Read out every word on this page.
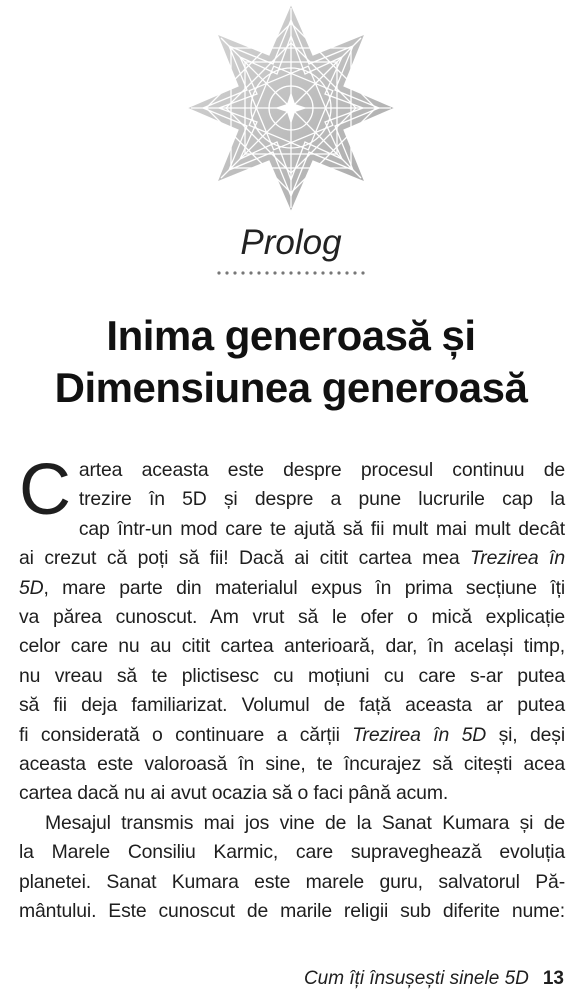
Prolog
Inima generoasă și
Dimensiunea generoasă

C artea aceasta este despre procesul continuu de
trezire în 5D și despre a pune lucrurile cap la
cap într-un mod care te ajută să fii mult mai mult decât
ai crezut că poți să fii! Dacă ai citit cartea mea Trezirea în
5D, mare parte din materialul expus în prima secțiune îți
va părea cunoscut. Am vrut să le ofer o mică explicație
celor care nu au citit cartea anterioară, dar, în același timp,
nu vreau să te plictisesc cu moțiuni cu care s-ar putea
să fii deja familiarizat. Volumul de față aceasta ar putea
fi considerată o continuare a cărții Trezirea în 5D și, deși
aceasta este valoroasă în sine, te încurajez să citești acea
cartea dacă nu ai avut ocazia să o faci până acum.

Mesajul transmis mai jos vine de la Sanat Kumara și de
la Marele Consiliu Karmic, care supraveghează evoluția
planetei. Sanat Kumara este marele guru, salvatorul Pă-
mântului. Este cunoscut de marile religii sub diferite nume:

Cum îți însușești sinele 5D 13
